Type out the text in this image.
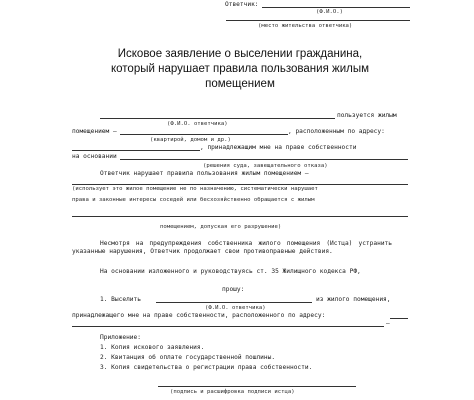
Ответчик:
(Ф.И.О.)
(место жительства ответчика)
Исковое заявление о выселении гражданина,
который нарушает правила пользования жилым
помещением
пользуется жилым
(Ф.И.О. ответчика)
помещением –	, расположенным по адресу:
(квартирой, домом и др.)
, принадлежащим мне на праве собственности
на основании
(решения суда, завещательного отказа)
Ответчик нарушает правила пользования жилым помещением –
(использует это жилое помещение не по назначению, систематически нарушает
права и законные интересы соседей или бесхозяйственно обращается с жилым
помещением, допуская его разрушение)
Несмотря на предупреждения собственника жилого помещения (Истца) устранить указанные нарушения, Ответчик продолжает свои противоправные действия.
На основании изложенного и руководствуясь ст. 35 Жилищного кодекса РФ,
прошу:
1. Выселить	из жилого помещения,
(Ф.И.О. ответчика)
принадлежащего мне на праве собственности, расположенного по адресу:
–
Приложение:
1. Копия искового заявления.
2. Квитанция об оплате государственной пошлины.
3. Копия свидетельства о регистрации права собственности.
(подпись и расшифровка подписи истца)
